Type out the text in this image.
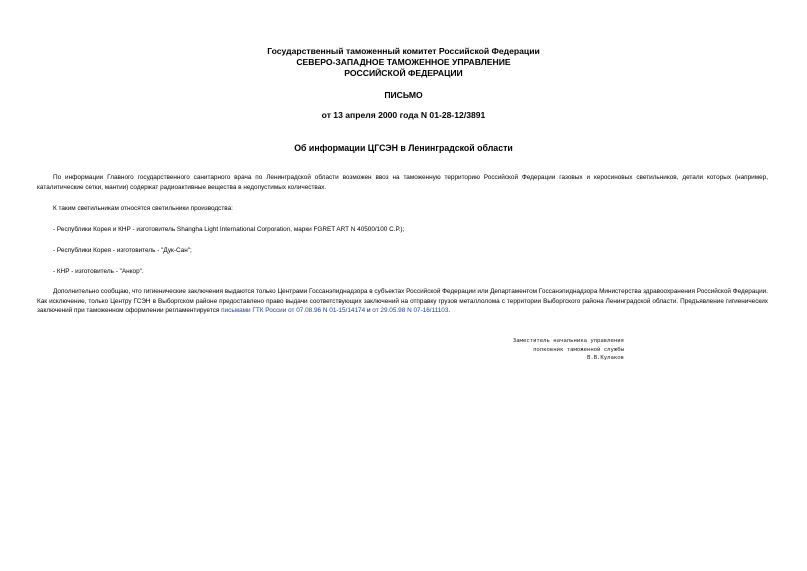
Государственный таможенный комитет Российской Федерации
СЕВЕРО-ЗАПАДНОЕ ТАМОЖЕННОЕ УПРАВЛЕНИЕ
РОССИЙСКОЙ ФЕДЕРАЦИИ
ПИСЬМО
от 13 апреля 2000 года N 01-28-12/3891
Об информации ЦГСЭН в Ленинградской области
По информации Главного государственного санитарного врача по Ленинградской области возможен ввоз на таможенную территорию Российской Федерации газовых и керосиновых светильников, детали которых (например, каталитические сетки, мантии) содержат радиоактивные вещества в недопустимых количествах.
К таким светильникам относятся светильники производства:
- Республики Корея и КНР - изготовитель Shangha Light International Corporation, марки FGRET ART N 40500/100 С.Р.);
- Республики Корея - изготовитель - "Дук-Сан";
- КНР - изготовитель - "Анкор".
Дополнительно сообщаю, что гигиенические заключения выдаются только Центрами Госсанэпиднадзора в субъектах Российской Федерации или Департаментом Госсанэпиднадзора Министерства здравоохранения Российской Федерации. Как исключение, только Центру ГСЭН в Выборгском районе предоставлено право выдачи соответствующих заключений на отправку грузов металлолома с территории Выборгского района Ленинградской области. Предъявление гигиенических заключений при таможенном оформлении регламентируется письмами ГТК России от 07.08.96 N 01-15/14174 и от 29.05.98 N 07-16/11103.
Заместитель начальника управления
полковник таможенной службы
В.В.Кулаков
